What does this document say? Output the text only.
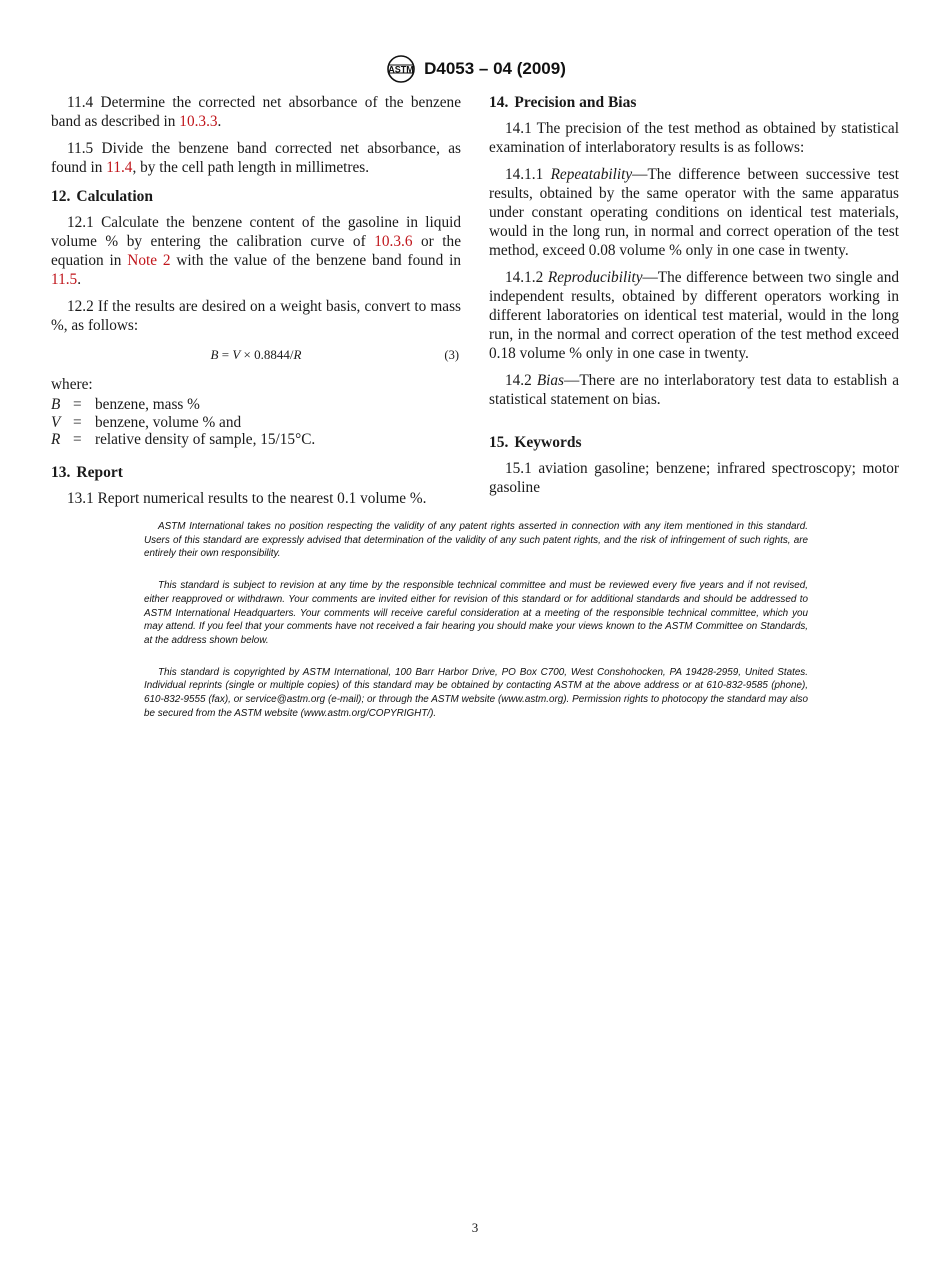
ASTM D4053 – 04 (2009)

11.4 Determine the corrected net absorbance of the benzene band as described in 10.3.3.

11.5 Divide the benzene band corrected net absorbance, as found in 11.4, by the cell path length in millimetres.

12. Calculation

12.1 Calculate the benzene content of the gasoline in liquid volume % by entering the calibration curve of 10.3.6 or the equation in Note 2 with the value of the benzene band found in 11.5.

12.2 If the results are desired on a weight basis, convert to mass %, as follows:

B = V × 0.8844/R	(3)
where:
B = benzene, mass %
V = benzene, volume % and
R = relative density of sample, 15/15°C.
13. Report

13.1 Report numerical results to the nearest 0.1 volume %.

14. Precision and Bias

14.1 The precision of the test method as obtained by statistical examination of interlaboratory results is as follows:

14.1.1 Repeatability—The difference between successive test results, obtained by the same operator with the same apparatus under constant operating conditions on identical test materials, would in the long run, in normal and correct operation of the test method, exceed 0.08 volume % only in one case in twenty.

14.1.2 Reproducibility—The difference between two single and independent results, obtained by different operators working in different laboratories on identical test material, would in the long run, in the normal and correct operation of the test method exceed 0.18 volume % only in one case in twenty.

14.2 Bias—There are no interlaboratory test data to establish a statistical statement on bias.

15. Keywords

15.1 aviation gasoline; benzene; infrared spectroscopy; motor gasoline

ASTM International takes no position respecting the validity of any patent rights asserted in connection with any item mentioned in this standard. Users of this standard are expressly advised that determination of the validity of any such patent rights, and the risk of infringement of such rights, are entirely their own responsibility.

This standard is subject to revision at any time by the responsible technical committee and must be reviewed every five years and if not revised, either reapproved or withdrawn. Your comments are invited either for revision of this standard or for additional standards and should be addressed to ASTM International Headquarters. Your comments will receive careful consideration at a meeting of the responsible technical committee, which you may attend. If you feel that your comments have not received a fair hearing you should make your views known to the ASTM Committee on Standards, at the address shown below.

This standard is copyrighted by ASTM International, 100 Barr Harbor Drive, PO Box C700, West Conshohocken, PA 19428-2959, United States. Individual reprints (single or multiple copies) of this standard may be obtained by contacting ASTM at the above address or at 610-832-9585 (phone), 610-832-9555 (fax), or service@astm.org (e-mail); or through the ASTM website (www.astm.org). Permission rights to photocopy the standard may also be secured from the ASTM website (www.astm.org/COPYRIGHT/).

3
